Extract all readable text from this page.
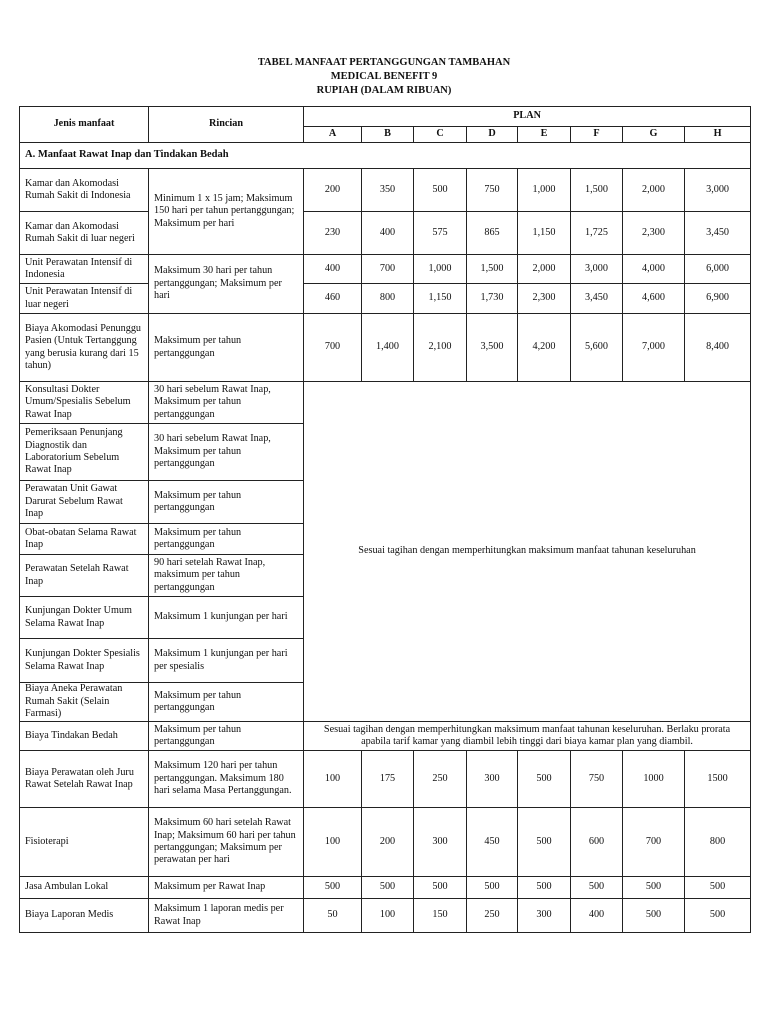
TABEL MANFAAT PERTANGGUNGAN TAMBAHAN
MEDICAL BENEFIT 9
RUPIAH (DALAM RIBUAN)
Jenis manfaat	Rincian	PLAN							
		A	B	C	D	E	F	G	H
A. Manfaat Rawat Inap dan Tindakan Bedah									
Kamar dan Akomodasi Rumah Sakit di Indonesia	Minimum 1 x 15 jam; Maksimum 150 hari per tahun pertanggungan; Maksimum per hari	200	350	500	750	1,000	1,500	2,000	3,000
Kamar dan Akomodasi Rumah Sakit di luar negeri		230	400	575	865	1,150	1,725	2,300	3,450
Unit Perawatan Intensif di Indonesia	Maksimum 30 hari per tahun pertanggungan; Maksimum per hari	400	700	1,000	1,500	2,000	3,000	4,000	6,000
Unit Perawatan Intensif di luar negeri		460	800	1,150	1,730	2,300	3,450	4,600	6,900
Biaya Akomodasi Penunggu Pasien (Untuk Tertanggung yang berusia kurang dari 15 tahun)	Maksimum per tahun pertanggungan	700	1,400	2,100	3,500	4,200	5,600	7,000	8,400
Konsultasi Dokter Umum/Spesialis Sebelum Rawat Inap	30 hari sebelum Rawat Inap, Maksimum per tahun pertanggungan	Sesuai tagihan dengan memperhitungkan maksimum manfaat tahunan keseluruhan							
Pemeriksaan Penunjang Diagnostik dan Laboratorium Sebelum Rawat Inap	30 hari sebelum Rawat Inap, Maksimum per tahun pertanggungan								
Perawatan Unit Gawat Darurat Sebelum Rawat Inap	Maksimum per tahun pertanggungan								
Obat-obatan Selama Rawat Inap	Maksimum per tahun pertanggungan								
Perawatan Setelah Rawat Inap	90 hari setelah Rawat Inap, maksimum per tahun pertanggungan								
Kunjungan Dokter Umum Selama Rawat Inap	Maksimum 1 kunjungan per hari								
Kunjungan Dokter Spesialis Selama Rawat Inap	Maksimum 1 kunjungan per hari per spesialis								
Biaya Aneka Perawatan Rumah Sakit (Selain Farmasi)	Maksimum per tahun pertanggungan								
Biaya Tindakan Bedah	Maksimum per tahun pertanggungan	Sesuai tagihan dengan memperhitungkan maksimum manfaat tahunan keseluruhan. Berlaku prorata apabila tarif kamar yang diambil lebih tinggi dari biaya kamar plan yang diambil.							
Biaya Perawatan oleh Juru Rawat Setelah Rawat Inap	Maksimum 120 hari per tahun pertanggungan. Maksimum 180 hari selama Masa Pertanggungan.	100	175	250	300	500	750	1000	1500
Fisioterapi	Maksimum 60 hari setelah Rawat Inap; Maksimum 60 hari per tahun pertanggungan; Maksimum per perawatan per hari	100	200	300	450	500	600	700	800
Jasa Ambulan Lokal	Maksimum per Rawat Inap	500	500	500	500	500	500	500	500
Biaya Laporan Medis	Maksimum 1 laporan medis per Rawat Inap	50	100	150	250	300	400	500	500
